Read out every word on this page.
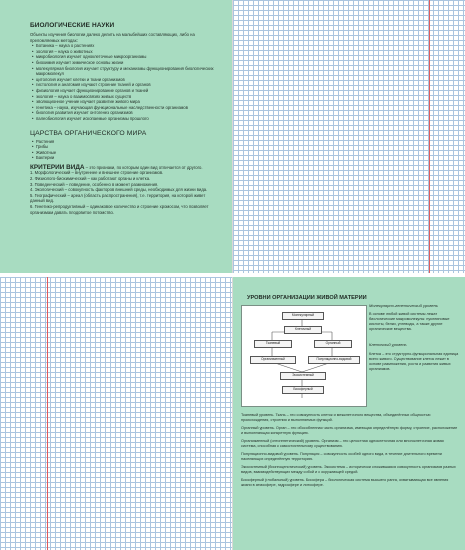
БИОЛОГИЧЕСКИЕ НАУКИ

Объекты изучения биологии далеко делить на малыбейших составляющих, либо на преломляемых методах:

• Ботаника – наука о растениях

• зоология – наука о животных

• микробиология изучает одноклеточные микроорганизмы

• биохимия изучает химическое основы жизни

• молекулярная биология изучает структуру и механизмы функционирования биологических макромолекул

• цитология изучает клетки и ткани организмов

• гистология и анатомия изучают строение тканей и органов

• физиология изучает функционирование органов и тканей

• экология – наука о взаимосвязях живых существ

• эволюционное учение изучает развитие живого мира

• генетика – наука, изучающая функциональные наследственности организмов

• биология развития изучает онтогенез организмов

• палеобиология изучает ископаемые организмы прошлого

ЦАРСТВА ОРГАНИЧЕСКОГО МИРА

• Растения

• Грибы

• Животные

• Бактерии

КРИТЕРИИ ВИДА – это признаки, по которым один вид отличается от другого.

1. Морфологический – внутреннее и внешнее строение организмов.

2. Физиолого-биохимический – как работают органы и клетка.

3. Поведенческий – поведение, особенно в момент размножения.

4. Экологический – совокупность факторов внешней среды, необходимых для жизни вида.

5. Географический – ареал (область распространения), т.е. территория, на которой живет данный вид.

6. Генетико-репродуктивный – одинаковое количество и строение хромосом, что позволяет организмам давать плодовитое потомство.

УРОВНИ ОРГАНИЗАЦИИ ЖИВОЙ МАТЕРИИ
Молекулярный
Клеточный
Тканевый	Органный
Организменный	Популяционно-видовой
Экосистемный
Биосферный

Молекулярно-генетический уровень

В основе любой живой системы лежат биологические макромолекулы: нуклеиновые кислоты, белки, углеводы, а также другие органические вещества.

Клеточный уровень

Клетка – это структурно-функциональная единица всего живого. Существование клеток лежит в основе размножения, роста и развития живых организмов.

Тканевый уровень. Ткань – это совокупность клеток и межклеточного вещества, объединённых общностью происхождения, строения и выполняемых функций.

Органный уровень. Орган – это обособленная часть организма, имеющая определённую форму, строение, расположение и выполняющая конкретную функцию.

Организменный (онтогенетический) уровень. Организм – это целостная одноклеточная или многоклеточная живая система, способная к самостоятельному существованию.

Популяционно-видовой уровень. Популяция – совокупность особей одного вида, в течение длительного времени населяющих определённую территорию.

Экосистемный (биогеоценотический) уровень. Экосистема – исторически сложившаяся совокупность организмов разных видов, взаимодействующих между собой и с окружающей средой.

Биосферный (глобальный) уровень. Биосфера – биологическая система высшего ранга, охватывающая все явления жизни в атмосфере, гидросфере и литосфере.
